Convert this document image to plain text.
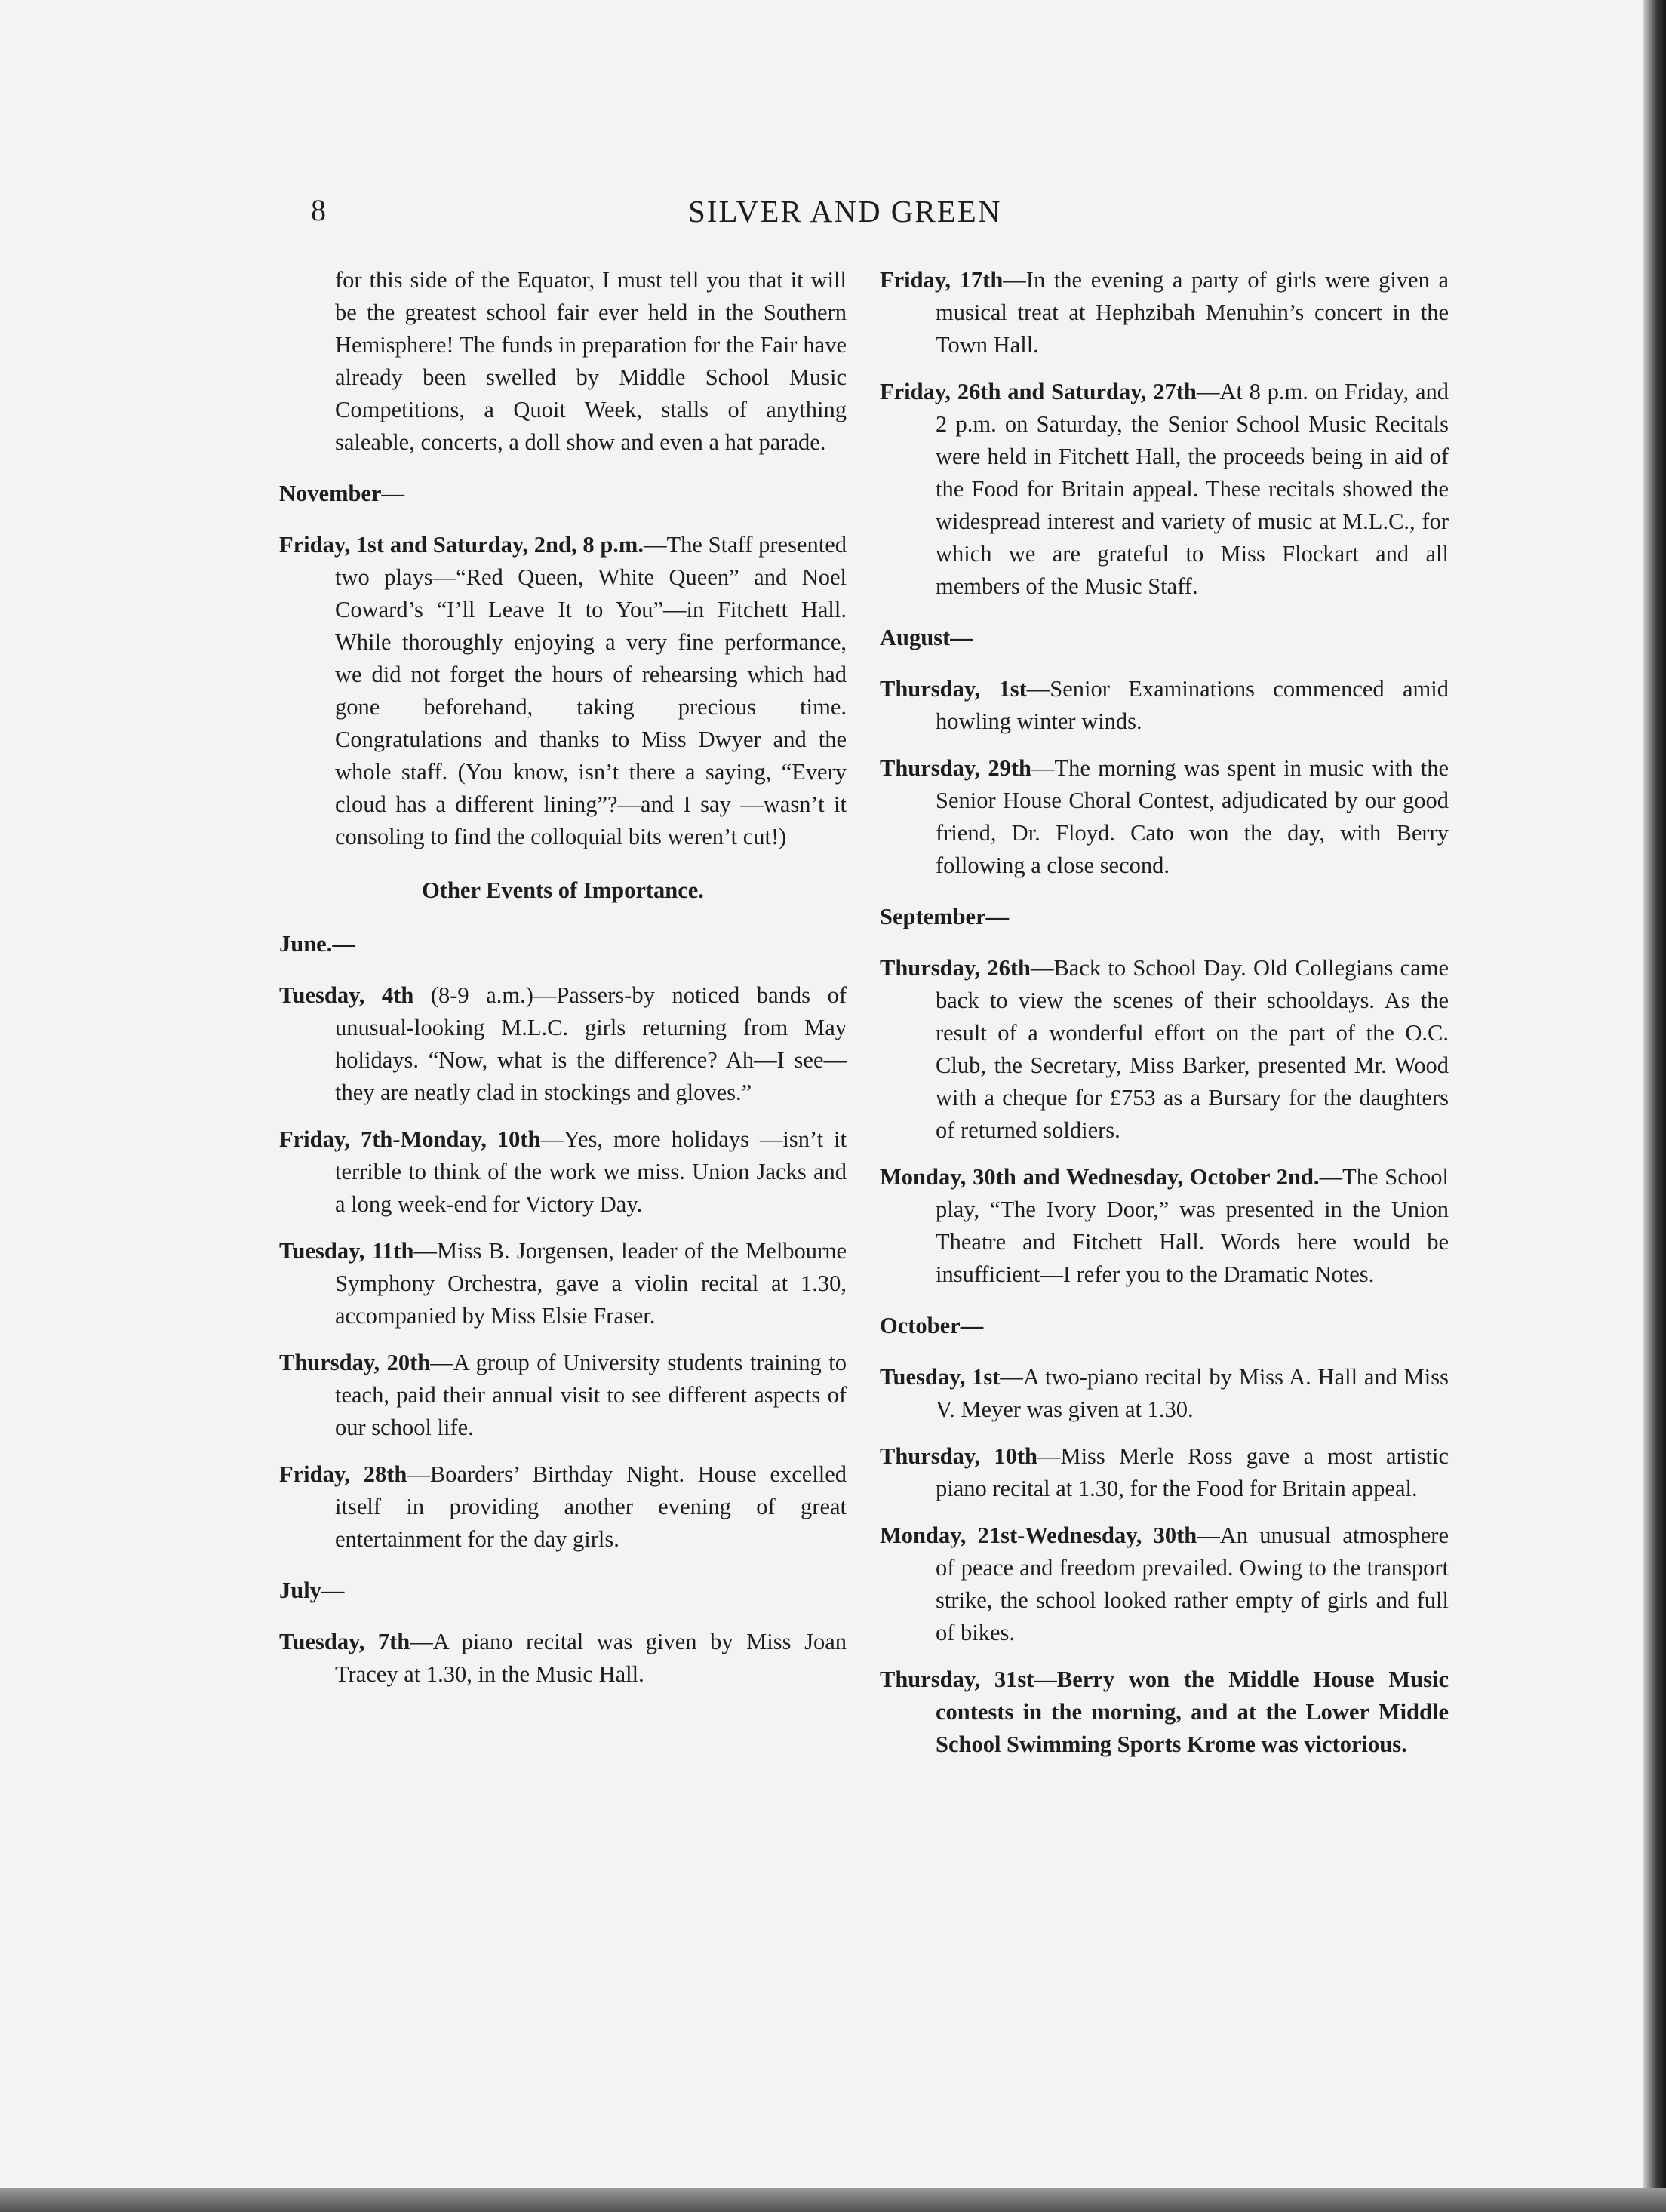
8	SILVER AND GREEN

for this side of the Equator, I must tell you that it will be the greatest school fair ever held in the Southern Hemisphere! The funds in preparation for the Fair have already been swelled by Middle School Music Competitions, a Quoit Week, stalls of anything saleable, concerts, a doll show and even a hat parade.

November—

Friday, 1st and Saturday, 2nd, 8 p.m.—The Staff presented two plays—“Red Queen, White Queen” and Noel Coward’s “I’ll Leave It to You”—in Fitchett Hall. While thoroughly enjoying a very fine performance, we did not forget the hours of rehearsing which had gone beforehand, taking precious time. Congratulations and thanks to Miss Dwyer and the whole staff. (You know, isn’t there a saying, “Every cloud has a different lining”?—and I say —wasn’t it consoling to find the colloquial bits weren’t cut!)

Other Events of Importance.
June.—

Tuesday, 4th (8-9 a.m.)—Passers-by noticed bands of unusual-looking M.L.C. girls returning from May holidays. “Now, what is the difference? Ah—I see—they are neatly clad in stockings and gloves.”

Friday, 7th-Monday, 10th—Yes, more holidays —isn’t it terrible to think of the work we miss. Union Jacks and a long week-end for Victory Day.

Tuesday, 11th—Miss B. Jorgensen, leader of the Melbourne Symphony Orchestra, gave a violin recital at 1.30, accompanied by Miss Elsie Fraser.

Thursday, 20th—A group of University students training to teach, paid their annual visit to see different aspects of our school life.

Friday, 28th—Boarders’ Birthday Night. House excelled itself in providing another evening of great entertainment for the day girls.

July—

Tuesday, 7th—A piano recital was given by Miss Joan Tracey at 1.30, in the Music Hall.

Friday, 17th—In the evening a party of girls were given a musical treat at Hephzibah Menuhin’s concert in the Town Hall.

Friday, 26th and Saturday, 27th—At 8 p.m. on Friday, and 2 p.m. on Saturday, the Senior School Music Recitals were held in Fitchett Hall, the proceeds being in aid of the Food for Britain appeal. These recitals showed the widespread interest and variety of music at M.L.C., for which we are grateful to Miss Flockart and all members of the Music Staff.

August—

Thursday, 1st—Senior Examinations commenced amid howling winter winds.

Thursday, 29th—The morning was spent in music with the Senior House Choral Contest, adjudicated by our good friend, Dr. Floyd. Cato won the day, with Berry following a close second.

September—

Thursday, 26th—Back to School Day. Old Collegians came back to view the scenes of their schooldays. As the result of a wonderful effort on the part of the O.C. Club, the Secretary, Miss Barker, presented Mr. Wood with a cheque for £753 as a Bursary for the daughters of returned soldiers.

Monday, 30th and Wednesday, October 2nd.—The School play, “The Ivory Door,” was presented in the Union Theatre and Fitchett Hall. Words here would be insufficient—I refer you to the Dramatic Notes.

October—

Tuesday, 1st—A two-piano recital by Miss A. Hall and Miss V. Meyer was given at 1.30.

Thursday, 10th—Miss Merle Ross gave a most artistic piano recital at 1.30, for the Food for Britain appeal.

Monday, 21st-Wednesday, 30th—An unusual atmosphere of peace and freedom prevailed. Owing to the transport strike, the school looked rather empty of girls and full of bikes.

Thursday, 31st—Berry won the Middle House Music contests in the morning, and at the Lower Middle School Swimming Sports Krome was victorious.
